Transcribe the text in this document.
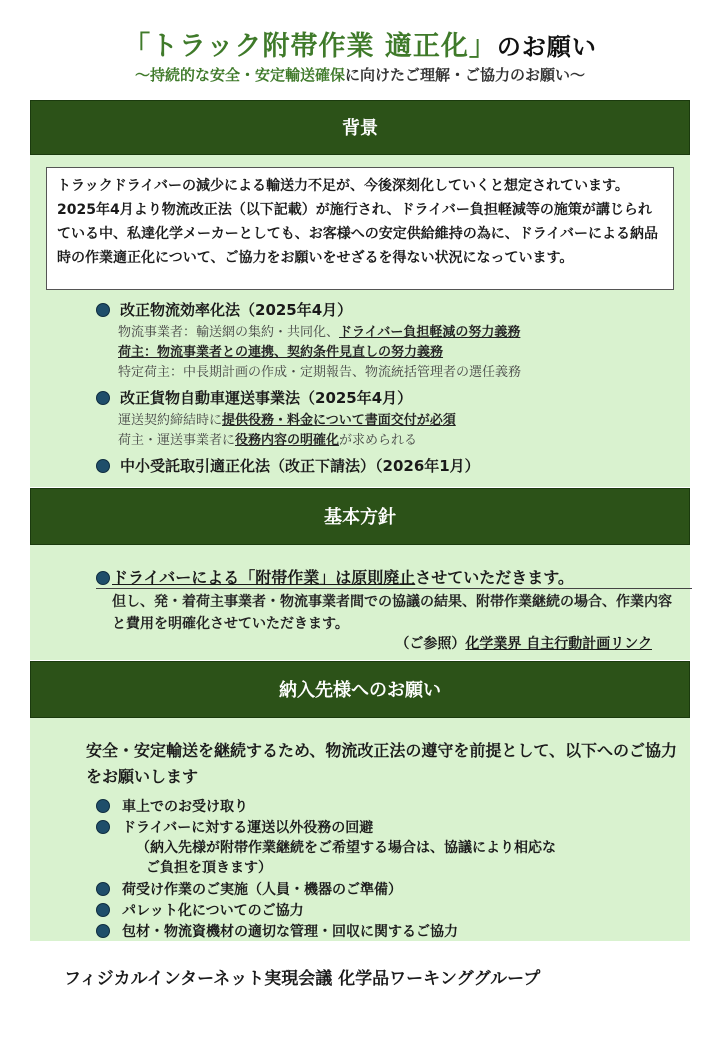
「トラック附帯作業 適正化」のお願い
〜持続的な安全・安定輸送確保に向けたご理解・ご協力のお願い〜
背景
トラックドライバーの減少による輸送力不足が、今後深刻化していくと想定されています。2025年4月より物流改正法（以下記載）が施行され、ドライバー負担軽減等の施策が講じられている中、私達化学メーカーとしても、お客様への安定供給維持の為に、ドライバーによる納品時の作業適正化について、ご協力をお願いをせざるを得ない状況になっています。
改正物流効率化法（2025年4月）
物流事業者：輸送網の集約・共同化、ドライバー負担軽減の努力義務
荷主：物流事業者との連携、契約条件見直しの努力義務
特定荷主：中長期計画の作成・定期報告、物流統括管理者の選任義務
改正貨物自動車運送事業法（2025年4月）
運送契約締結時に提供役務・料金について書面交付が必須
荷主・運送事業者に役務内容の明確化が求められる
中小受託取引適正化法（改正下請法）（2026年1月）
基本方針
ドライバーによる「附帯作業」は原則廃止させていただきます。
但し、発・着荷主事業者・物流事業者間での協議の結果、附帯作業継続の場合、作業内容と費用を明確化させていただきます。
（ご参照）化学業界 自主行動計画リンク
納入先様へのお願い
安全・安定輸送を継続するため、物流改正法の遵守を前提として、以下へのご協力をお願いします
車上でのお受け取り
ドライバーに対する運送以外役務の回避
（納入先様が附帯作業継続をご希望する場合は、協議により相応な
ご負担を頂きます）
荷受け作業のご実施（人員・機器のご準備）
パレット化についてのご協力
包材・物流資機材の適切な管理・回収に関するご協力
フィジカルインターネット実現会議 化学品ワーキンググループ
